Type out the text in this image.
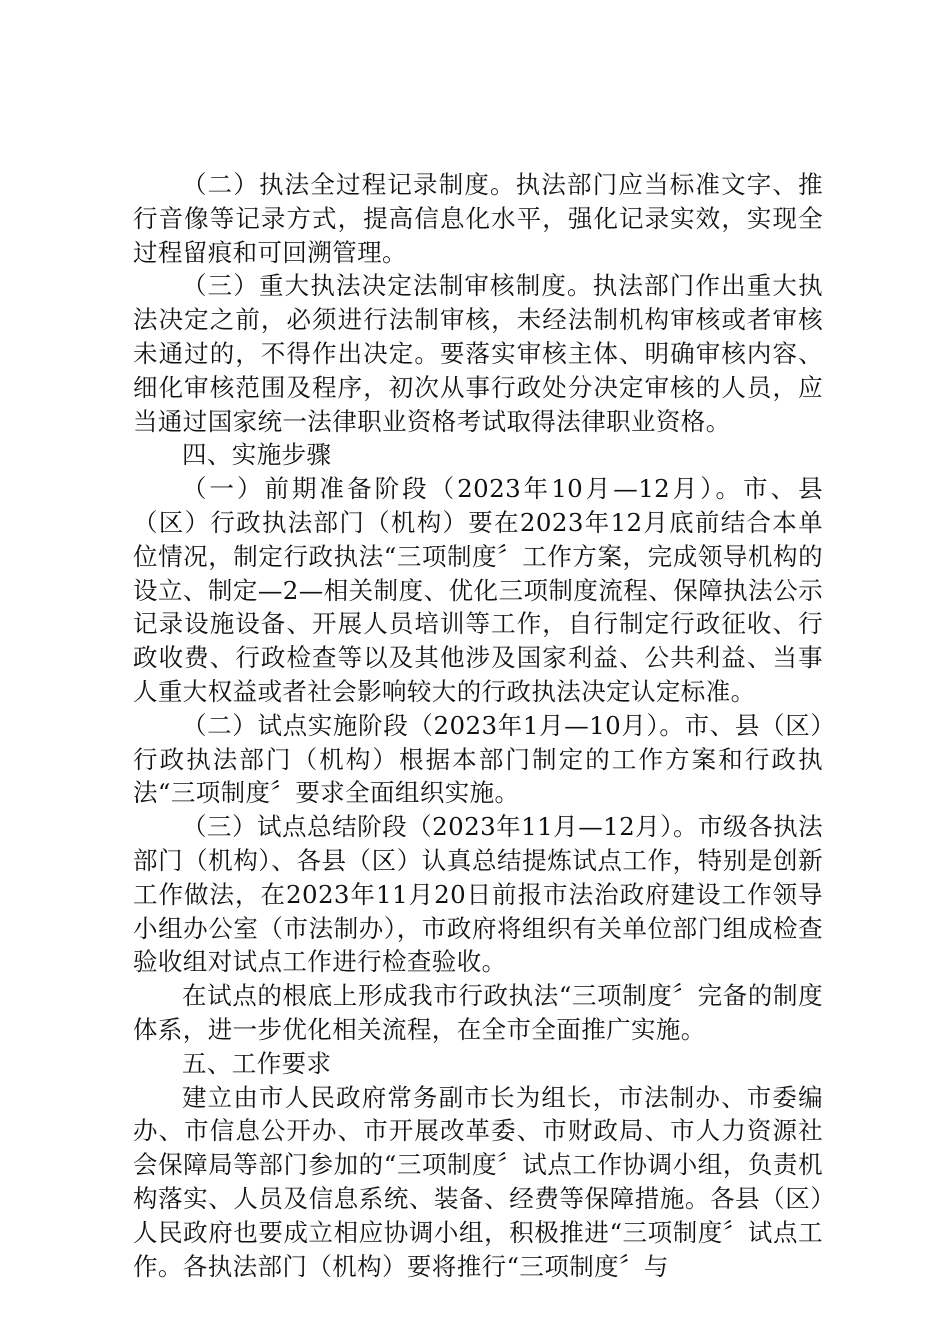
（二）执法全过程记录制度。执法部门应当标准文字、推行音像等记录方式，提高信息化水平，强化记录实效，实现全过程留痕和可回溯管理。

（三）重大执法决定法制审核制度。执法部门作出重大执法决定之前，必须进行法制审核，未经法制机构审核或者审核未通过的，不得作出决定。要落实审核主体、明确审核内容、细化审核范围及程序，初次从事行政处分决定审核的人员，应当通过国家统一法律职业资格考试取得法律职业资格。

四、实施步骤

（一）前期准备阶段（2023年10月—12月）。市、县（区）行政执法部门（机构）要在2023年12月底前结合本单位情况，制定行政执法“三项制度〞工作方案，完成领导机构的设立、制定—2—相关制度、优化三项制度流程、保障执法公示记录设施设备、开展人员培训等工作，自行制定行政征收、行政收费、行政检查等以及其他涉及国家利益、公共利益、当事人重大权益或者社会影响较大的行政执法决定认定标准。

（二）试点实施阶段（2023年1月—10月）。市、县（区）行政执法部门（机构）根据本部门制定的工作方案和行政执法“三项制度〞要求全面组织实施。

（三）试点总结阶段（2023年11月—12月）。市级各执法部门（机构）、各县（区）认真总结提炼试点工作，特别是创新工作做法，在2023年11月20日前报市法治政府建设工作领导小组办公室（市法制办），市政府将组织有关单位部门组成检查验收组对试点工作进行检查验收。

在试点的根底上形成我市行政执法“三项制度〞完备的制度体系，进一步优化相关流程，在全市全面推广实施。

五、工作要求

建立由市人民政府常务副市长为组长，市法制办、市委编办、市信息公开办、市开展改革委、市财政局、市人力资源社会保障局等部门参加的“三项制度〞试点工作协调小组，负责机构落实、人员及信息系统、装备、经费等保障措施。各县（区）人民政府也要成立相应协调小组，积极推进“三项制度〞试点工作。各执法部门（机构）要将推行“三项制度〞与
